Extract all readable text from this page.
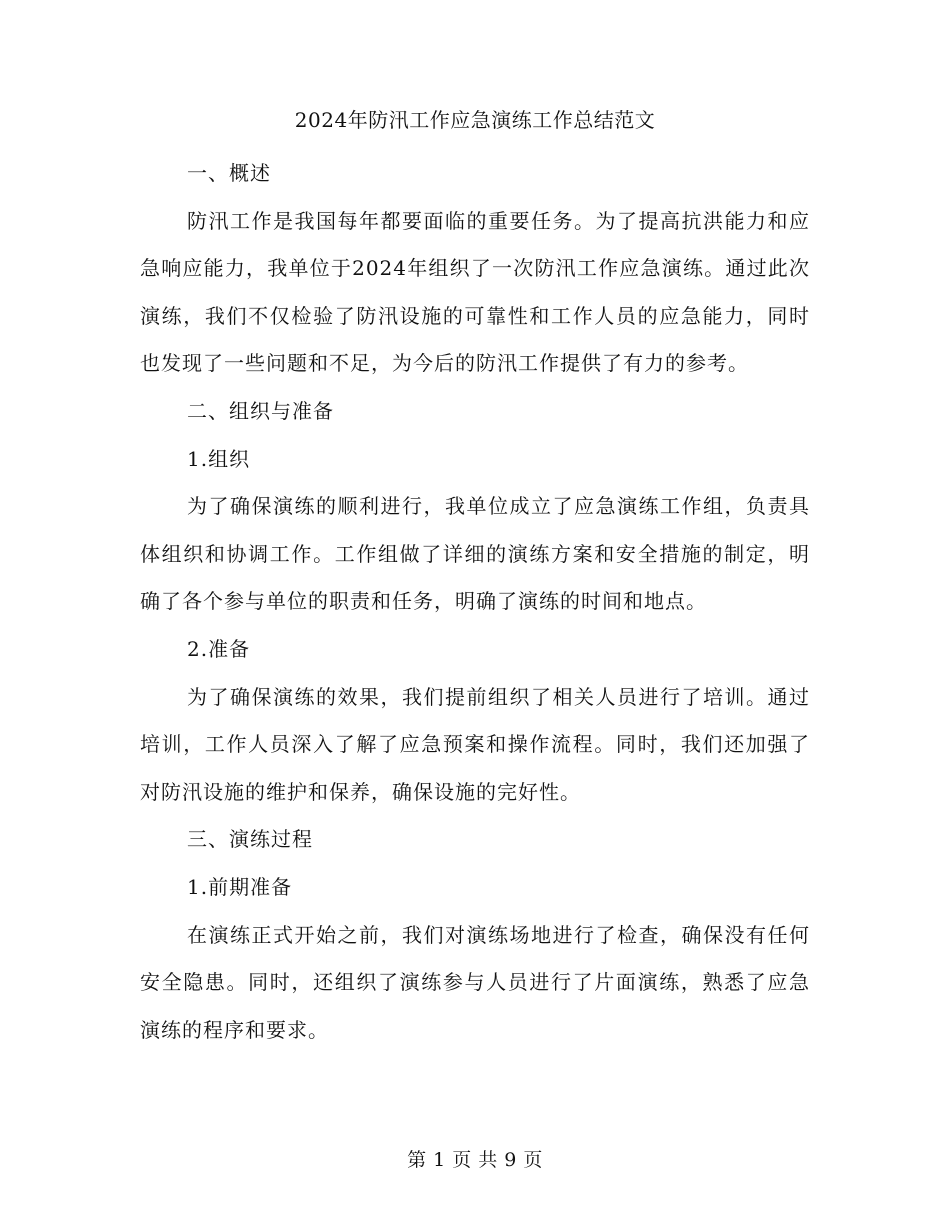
2024年防汛工作应急演练工作总结范文

一、概述

防汛工作是我国每年都要面临的重要任务。为了提高抗洪能力和应急响应能力，我单位于2024年组织了一次防汛工作应急演练。通过此次演练，我们不仅检验了防汛设施的可靠性和工作人员的应急能力，同时也发现了一些问题和不足，为今后的防汛工作提供了有力的参考。

二、组织与准备

1.组织

为了确保演练的顺利进行，我单位成立了应急演练工作组，负责具体组织和协调工作。工作组做了详细的演练方案和安全措施的制定，明确了各个参与单位的职责和任务，明确了演练的时间和地点。

2.准备

为了确保演练的效果，我们提前组织了相关人员进行了培训。通过培训，工作人员深入了解了应急预案和操作流程。同时，我们还加强了对防汛设施的维护和保养，确保设施的完好性。

三、演练过程

1.前期准备

在演练正式开始之前，我们对演练场地进行了检查，确保没有任何安全隐患。同时，还组织了演练参与人员进行了片面演练，熟悉了应急演练的程序和要求。

第 1 页 共 9 页
